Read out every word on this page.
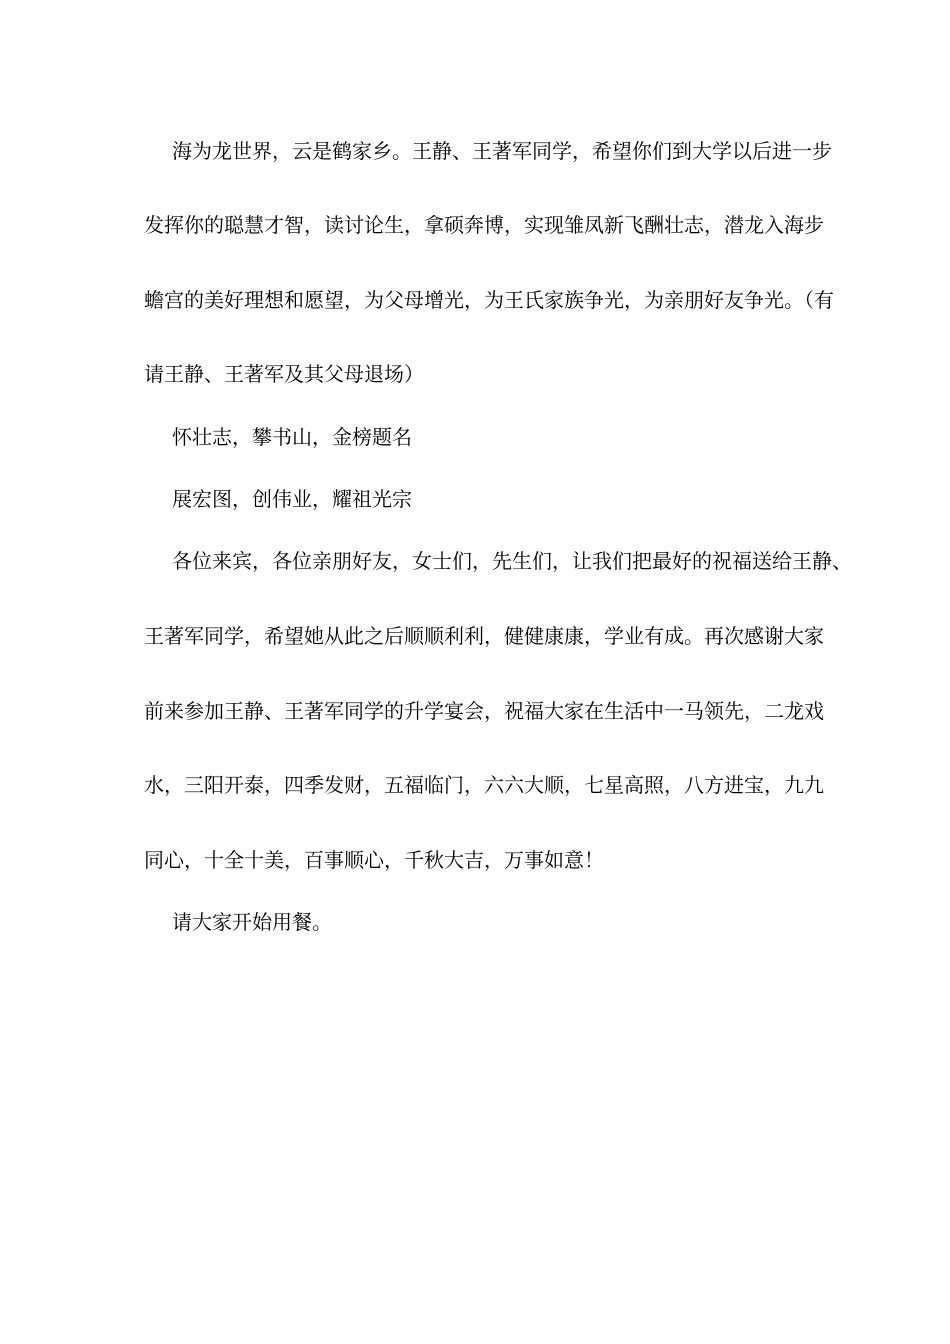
海为龙世界，云是鹤家乡。王静、王著军同学，希望你们到大学以后进一步
发挥你的聪慧才智，读讨论生，拿硕奔博，实现雏凤新飞酬壮志，潜龙入海步
蟾宫的美好理想和愿望，为父母增光，为王氏家族争光，为亲朋好友争光。（有
请王静、王著军及其父母退场）
怀壮志，攀书山，金榜题名
展宏图，创伟业，耀祖光宗
各位来宾，各位亲朋好友，女士们，先生们，让我们把最好的祝福送给王静、
王著军同学，希望她从此之后顺顺利利，健健康康，学业有成。再次感谢大家
前来参加王静、王著军同学的升学宴会，祝福大家在生活中一马领先，二龙戏
水，三阳开泰，四季发财，五福临门，六六大顺，七星高照，八方进宝，九九
同心，十全十美，百事顺心，千秋大吉，万事如意！
请大家开始用餐。
